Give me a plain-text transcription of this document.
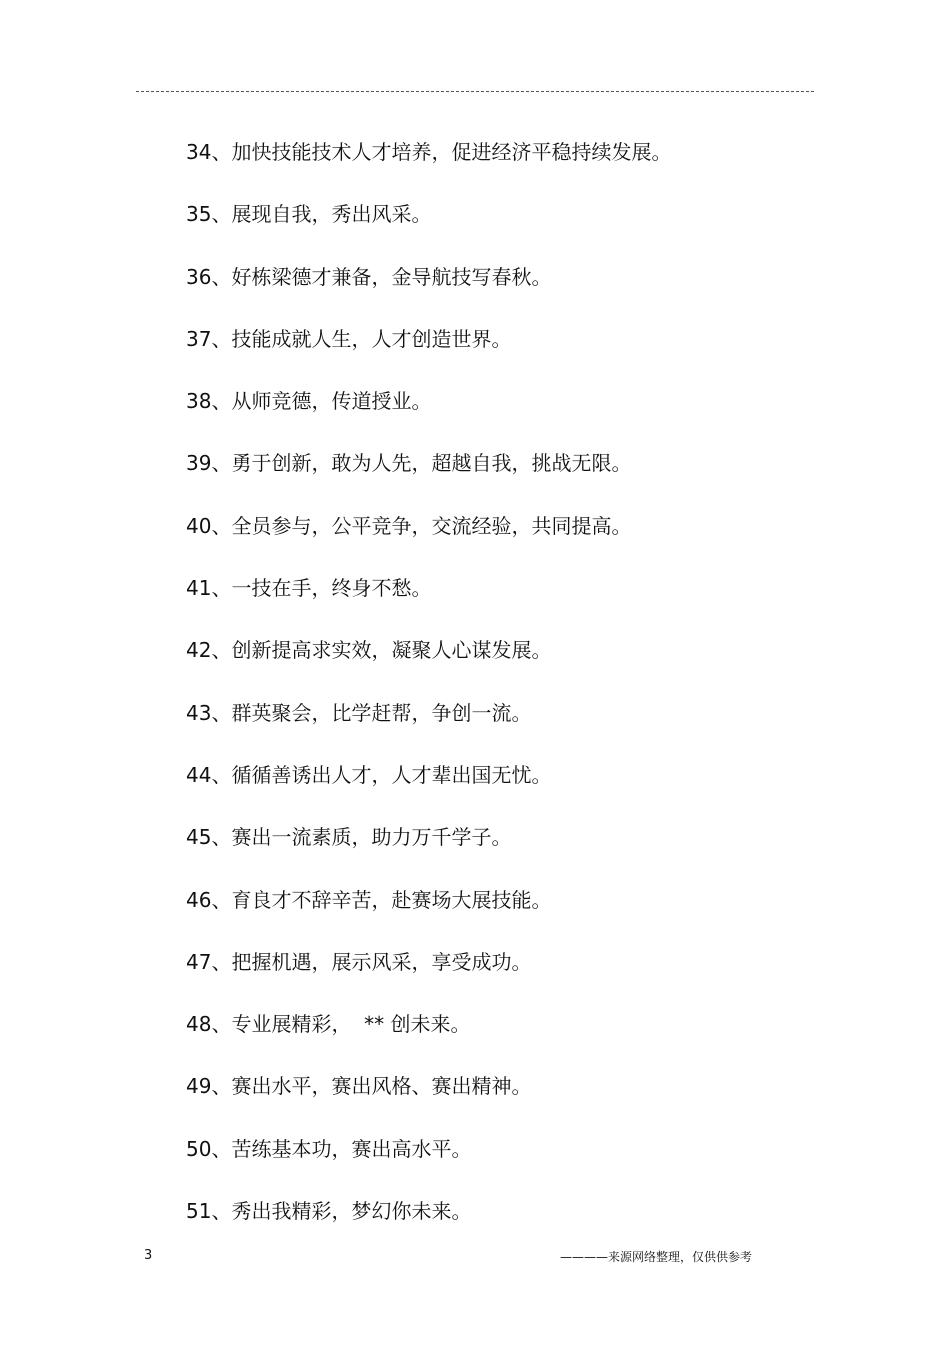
34、加快技能技术人才培养，促进经济平稳持续发展。
35、展现自我，秀出风采。
36、好栋梁德才兼备，金导航技写春秋。
37、技能成就人生，人才创造世界。
38、从师竞德，传道授业。
39、勇于创新，敢为人先，超越自我，挑战无限。
40、全员参与，公平竞争，交流经验，共同提高。
41、一技在手，终身不愁。
42、创新提高求实效，凝聚人心谋发展。
43、群英聚会，比学赶帮，争创一流。
44、循循善诱出人才，人才辈出国无忧。
45、赛出一流素质，助力万千学子。
46、育良才不辞辛苦，赴赛场大展技能。
47、把握机遇，展示风采，享受成功。
48、专业展精彩，  ** 创未来。
49、赛出水平，赛出风格、赛出精神。
50、苦练基本功，赛出高水平。
51、秀出我精彩，梦幻你未来。
3	————来源网络整理，仅供供参考
